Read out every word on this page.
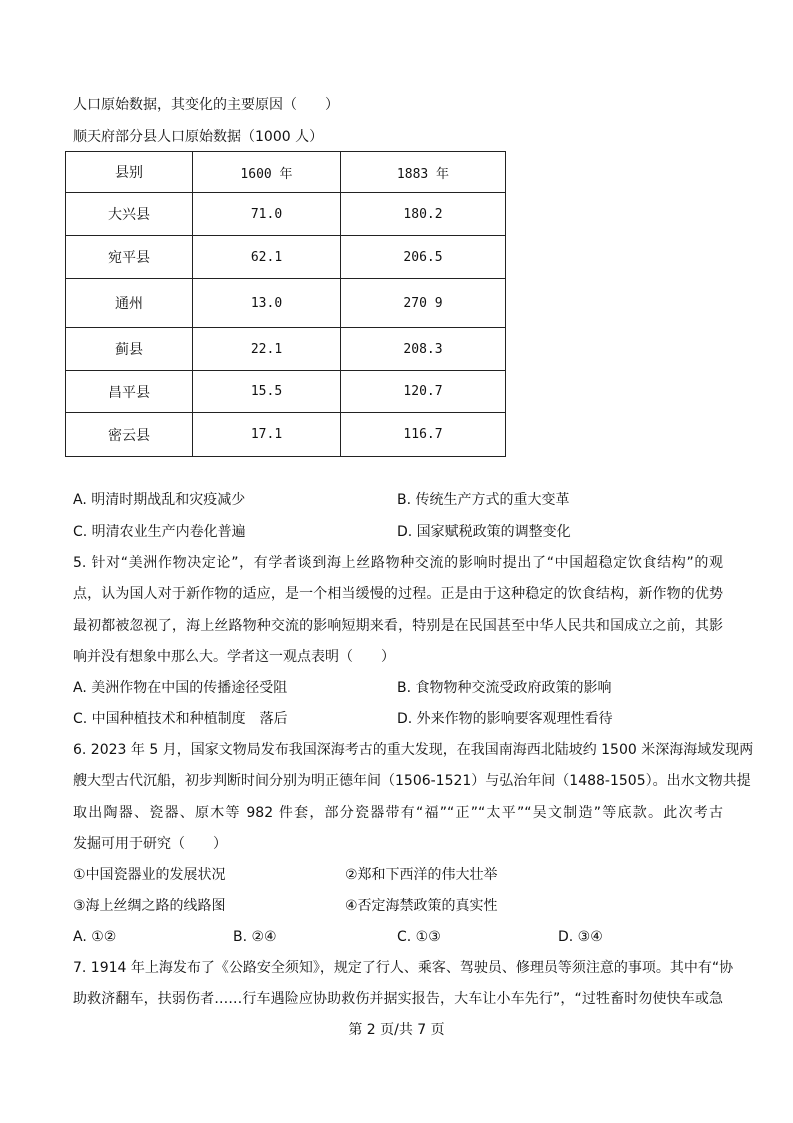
人口原始数据，其变化的主要原因（　　）
顺天府部分县人口原始数据（1000 人）
县别	1600 年	1883 年
大兴县	71.0	180.2
宛平县	62.1	206.5
通州	13.0	270 9
蓟县	22.1	208.3
昌平县	15.5	120.7
密云县	17.1	116.7
A. 明清时期战乱和灾疫减少	B. 传统生产方式的重大变革
C. 明清农业生产内卷化普遍	D. 国家赋税政策的调整变化
5. 针对“美洲作物决定论”，有学者谈到海上丝路物种交流的影响时提出了“中国超稳定饮食结构”的观
点，认为国人对于新作物的适应，是一个相当缓慢的过程。正是由于这种稳定的饮食结构，新作物的优势
最初都被忽视了，海上丝路物种交流的影响短期来看，特别是在民国甚至中华人民共和国成立之前，其影
响并没有想象中那么大。学者这一观点表明（　　）
A. 美洲作物在中国的传播途径受阻	B. 食物物种交流受政府政策的影响
C. 中国种植技术和种植制度　落后	D. 外来作物的影响要客观理性看待
6. 2023 年 5 月，国家文物局发布我国深海考古的重大发现，在我国南海西北陆坡约 1500 米深海海域发现两
艘大型古代沉船，初步判断时间分别为明正德年间（1506-1521）与弘治年间（1488-1505）。出水文物共提
取出陶器、瓷器、原木等 982 件套，部分瓷器带有“福”“正”“太平”“吴文制造”等底款。此次考古
发掘可用于研究（　　）
①中国瓷器业的发展状况	②郑和下西洋的伟大壮举
③海上丝绸之路的线路图	④否定海禁政策的真实性
A. ①②	B. ②④	C. ①③	D. ③④
7. 1914 年上海发布了《公路安全须知》，规定了行人、乘客、驾驶员、修理员等须注意的事项。其中有“协
助救济翻车，扶弱伤者……行车遇险应协助救伤并据实报告，大车让小车先行”，“过牲畜时勿使快车或急
第 2 页/共 7 页
